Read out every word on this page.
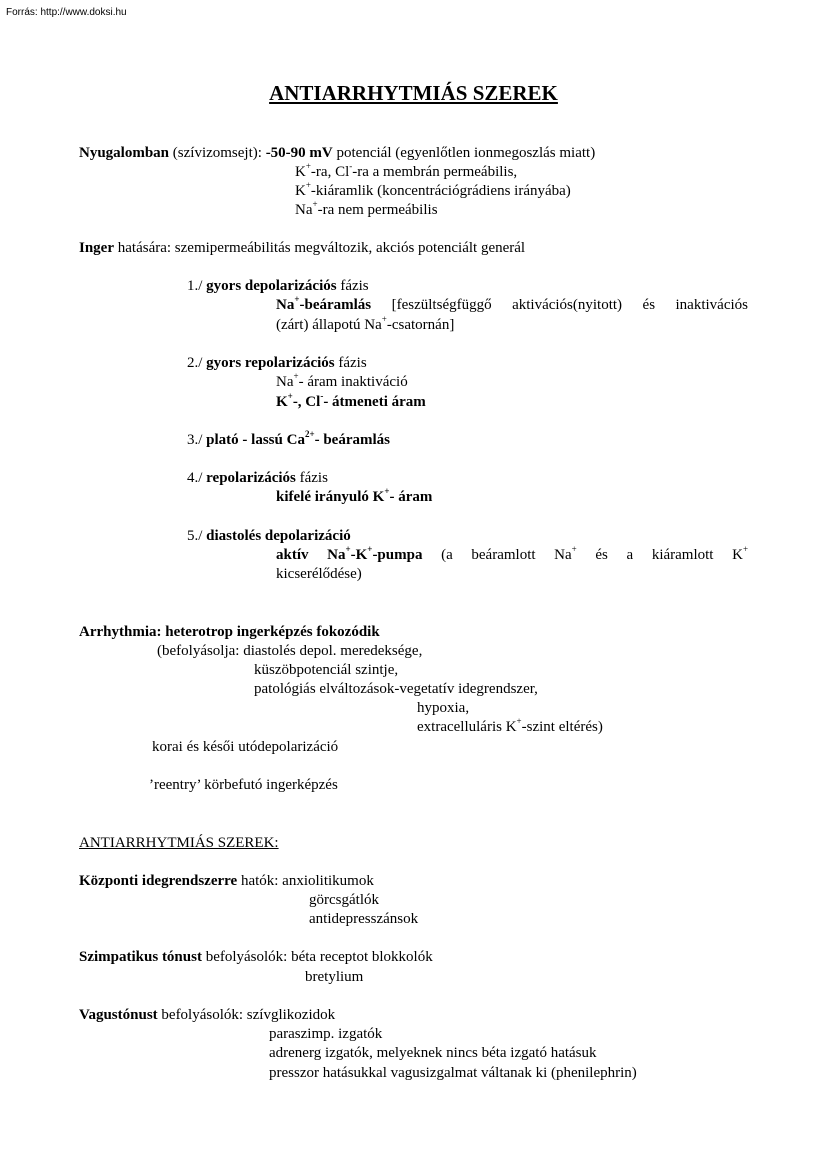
Forrás: http://www.doksi.hu
ANTIARRHYTMIÁS SZEREK
Nyugalomban (szívizomsejt): -50-90 mV potenciál (egyenlőtlen ionmegoszlás miatt)
K+-ra, Cl--ra a membrán permeábilis,
K+-kiáramlik (koncentrációgrádiens irányába)
Na+-ra nem permeábilis
Inger hatására: szemipermeábilitás megváltozik, akciós potenciált generál
1./ gyors depolarizációs fázis
Na+-beáramlás [feszültségfüggő aktivációs(nyitott) és inaktivációs
(zárt) állapotú Na+-csatornán]
2./ gyors repolarizációs fázis
Na+- áram inaktiváció
K+-, Cl-- átmeneti áram
3./ plató - lassú $Ca^{2+}-$ beáramlás
4./ repolarizációs fázis
kifelé irányuló K+- áram
5./ diastolés depolarizáció
aktív Na+-K+-pumpa (a beáramlott Na+ és a kiáramlott K+
kicserélődése)
Arrhythmia: heterotrop ingerképzés fokozódik
(befolyásolja: diastolés depol. meredeksége,
küszöbpotenciál szintje,
patológiás elváltozások-vegetatív idegrendszer,
hypoxia,
extracelluláris K+-szint eltérés)
korai és késői utódepolarizáció
’reentry’ körbefutó ingerképzés
ANTIARRHYTMIÁS SZEREK:
Központi idegrendszerre hatók: anxiolitikumok
görcsgátlók
antidepresszánsok
Szimpatikus tónust befolyásolók: béta receptot blokkolók
bretylium
Vagustónust befolyásolók: szívglikozidok
paraszimp. izgatók
adrenerg izgatók, melyeknek nincs béta izgató hatásuk
presszor hatásukkal vagusizgalmat váltanak ki (phenilephrin)
